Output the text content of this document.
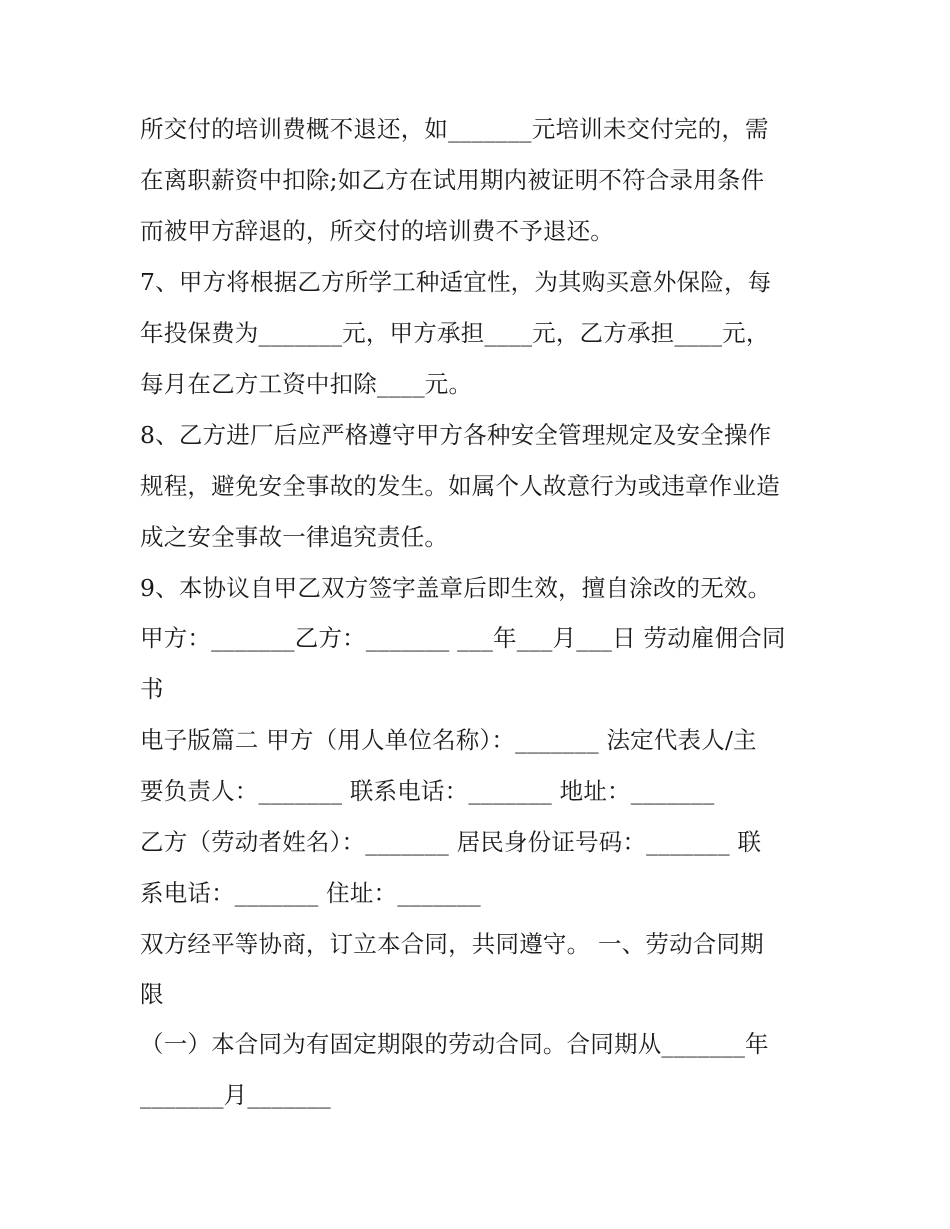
所交付的培训费概不退还，如_______元培训未交付完的，需
在离职薪资中扣除;如乙方在试用期内被证明不符合录用条件
而被甲方辞退的，所交付的培训费不予退还。
7、甲方将根据乙方所学工种适宜性，为其购买意外保险，每
年投保费为_______元，甲方承担____元，乙方承担____元，
每月在乙方工资中扣除____元。
8、乙方进厂后应严格遵守甲方各种安全管理规定及安全操作
规程，避免安全事故的发生。如属个人故意行为或违章作业造
成之安全事故一律追究责任。
9、本协议自甲乙双方签字盖章后即生效，擅自涂改的无效。
甲方：_______乙方：_______ ___年___月___日 劳动雇佣合同
书
电子版篇二 甲方（用人单位名称）：_______ 法定代表人/主
要负责人：_______ 联系电话：_______ 地址：_______
乙方（劳动者姓名）：_______ 居民身份证号码：_______ 联
系电话：_______ 住址：_______
双方经平等协商，订立本合同，共同遵守。 一、劳动合同期
限
（一）本合同为有固定期限的劳动合同。合同期从_______年
_______月_______
